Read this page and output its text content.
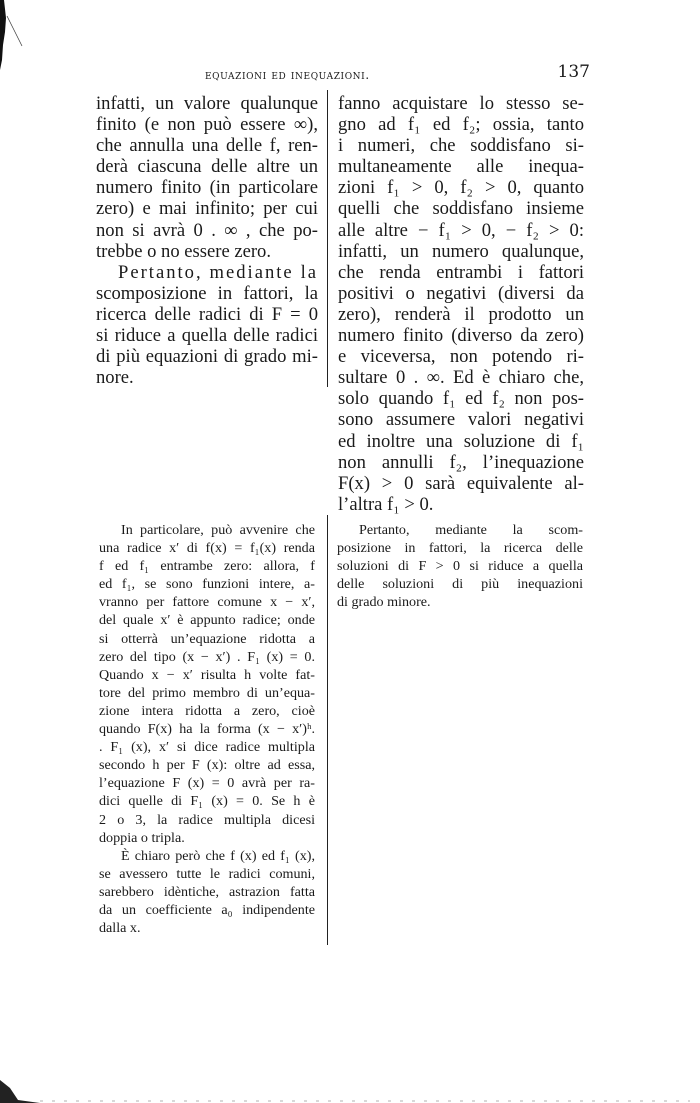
equazioni ed inequazioni.	137
infatti, un valore qualunque
finito (e non può essere ∞),
che annulla una delle f, ren-
derà ciascuna delle altre un
numero finito (in particolare
zero) e mai infinito; per cui
non si avrà 0 . ∞ , che po-
trebbe o no essere zero.
Pertanto, mediante la
scomposizione in fattori, la
ricerca delle radici di F = 0
si riduce a quella delle radici
di più equazioni di grado mi-
nore.
fanno acquistare lo stesso se-
gno ad f₁ ed f₂; ossia, tanto
i numeri, che soddisfano si-
multaneamente alle inequa-
zioni f₁ > 0, f₂ > 0, quanto
quelli che soddisfano insieme
alle altre − f₁ > 0, − f₂ > 0:
infatti, un numero qualunque,
che renda entrambi i fattori
positivi o negativi (diversi da
zero), renderà il prodotto un
numero finito (diverso da zero)
e viceversa, non potendo ri-
sultare 0 . ∞. Ed è chiaro che,
solo quando f₁ ed f₂ non pos-
sono assumere valori negativi
ed inoltre una soluzione di f₁
non annulli f₂, l’inequazione
F(x) > 0 sarà equivalente al-
l’altra f₁ > 0.
In particolare, può avvenire che
una radice x′ di f(x) = f₁(x) renda
f ed f₁ entrambe zero: allora, f
ed f₁, se sono funzioni intere, a-
vranno per fattore comune x − x′,
del quale x′ è appunto radice; onde
si otterrà un’equazione ridotta a
zero del tipo (x − x′) . F₁ (x) = 0.
Quando x − x′ risulta h volte fat-
tore del primo membro di un’equa-
zione intera ridotta a zero, cioè
quando F(x) ha la forma (x − x′)ʰ.
. F₁ (x), x′ si dice radice multipla
secondo h per F (x): oltre ad essa,
l’equazione F (x) = 0 avrà per ra-
dici quelle di F₁ (x) = 0. Se h è
2 o 3, la radice multipla dicesi
doppia o tripla.
È chiaro però che f (x) ed f₁ (x),
se avessero tutte le radici comuni,
sarebbero idèntiche, astrazion fatta
da un coefficiente a₀ indipendente
dalla x.
Pertanto, mediante la scom-
posizione in fattori, la ricerca delle
soluzioni di F > 0 si riduce a quella
delle soluzioni di più inequazioni
di grado minore.
